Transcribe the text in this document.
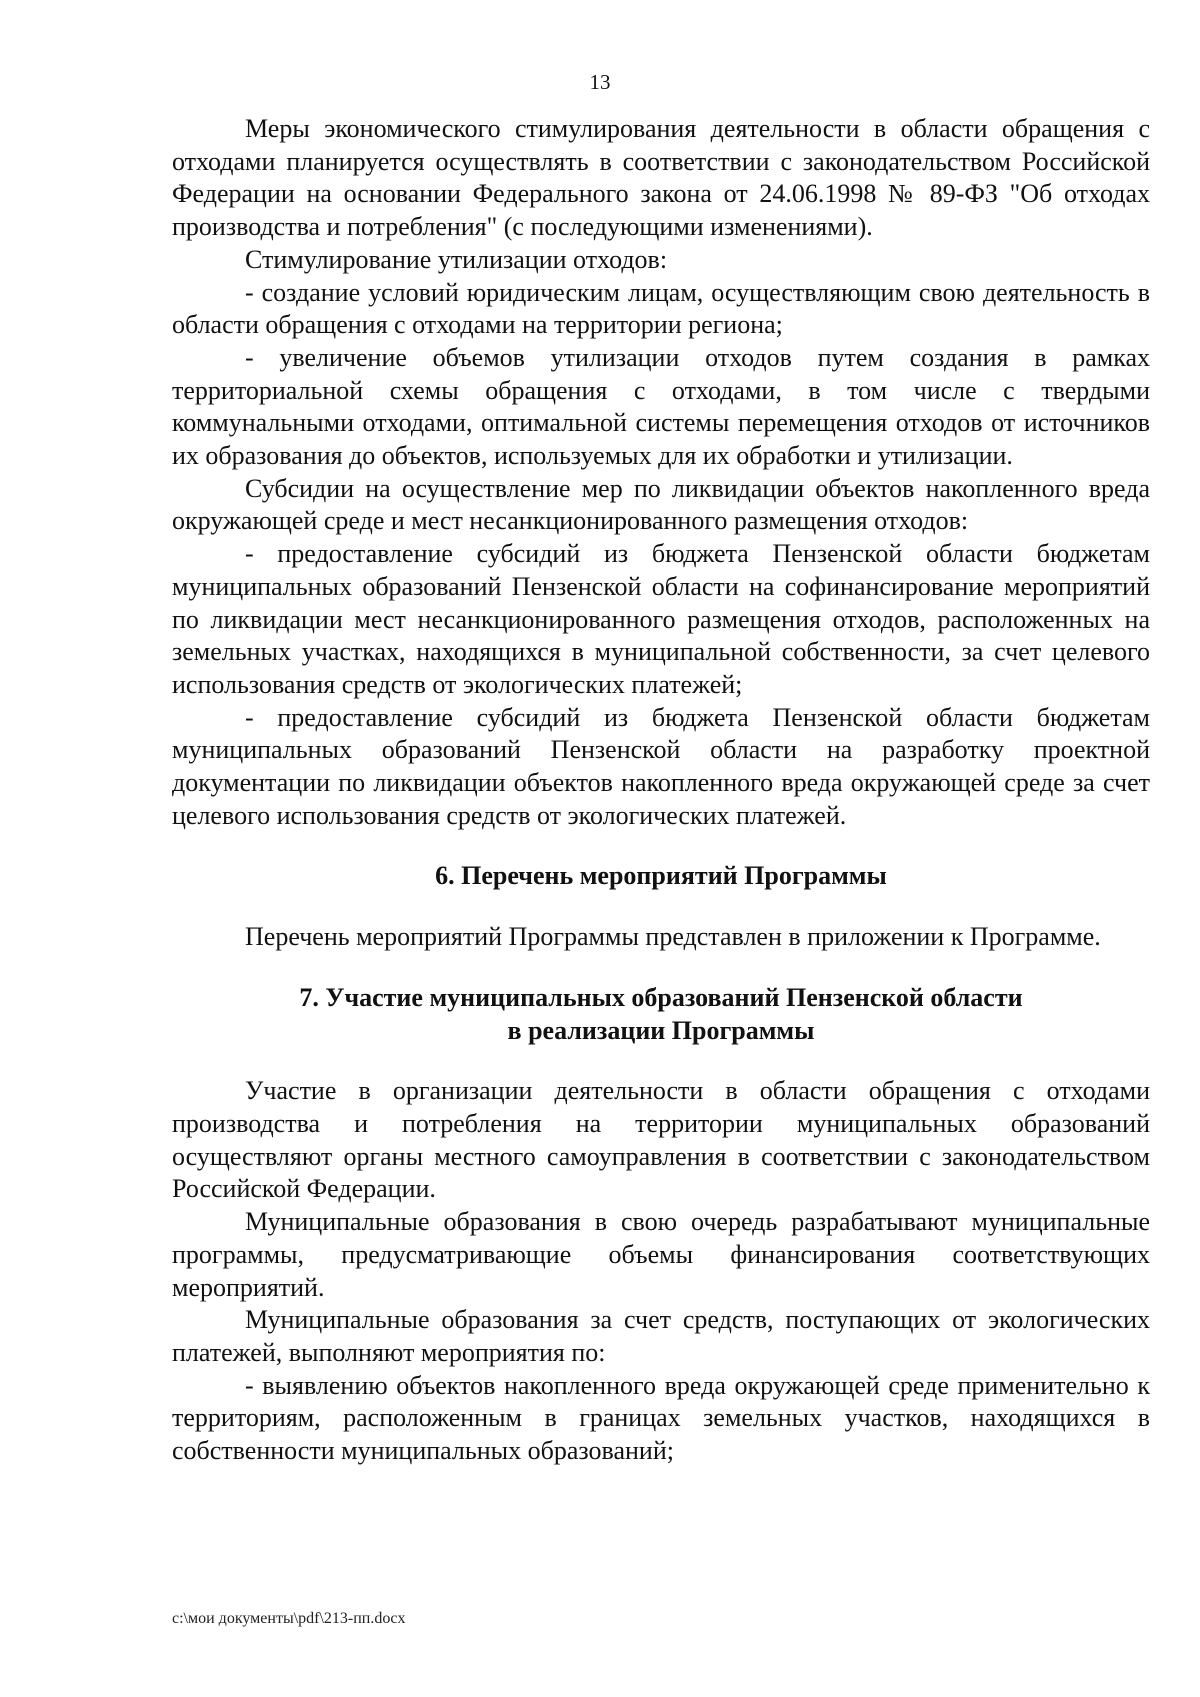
13

Меры экономического стимулирования деятельности в области обращения с отходами планируется осуществлять в соответствии с законодательством Российской Федерации на основании Федерального закона от 24.06.1998 № 89-ФЗ "Об отходах производства и потребления" (с последующими изменениями).

Стимулирование утилизации отходов:

- создание условий юридическим лицам, осуществляющим свою деятельность в области обращения с отходами на территории региона;

- увеличение объемов утилизации отходов путем создания в рамках территориальной схемы обращения с отходами, в том числе с твердыми коммунальными отходами, оптимальной системы перемещения отходов от источников их образования до объектов, используемых для их обработки и утилизации.

Субсидии на осуществление мер по ликвидации объектов накопленного вреда окружающей среде и мест несанкционированного размещения отходов:

- предоставление субсидий из бюджета Пензенской области бюджетам муниципальных образований Пензенской области на софинансирование мероприятий по ликвидации мест несанкционированного размещения отходов, расположенных на земельных участках, находящихся в муниципальной собственности, за счет целевого использования средств от экологических платежей;

- предоставление субсидий из бюджета Пензенской области бюджетам муниципальных образований Пензенской области на разработку проектной документации по ликвидации объектов накопленного вреда окружающей среде за счет целевого использования средств от экологических платежей.

6. Перечень мероприятий Программы

Перечень мероприятий Программы представлен в приложении к Программе.

7. Участие муниципальных образований Пензенской области
в реализации Программы

Участие в организации деятельности в области обращения с отходами производства и потребления на территории муниципальных образований осуществляют органы местного самоуправления в соответствии с законодательством Российской Федерации.

Муниципальные образования в свою очередь разрабатывают муниципальные программы, предусматривающие объемы финансирования соответствующих мероприятий.

Муниципальные образования за счет средств, поступающих от экологических платежей, выполняют мероприятия по:

- выявлению объектов накопленного вреда окружающей среде применительно к территориям, расположенным в границах земельных участков, находящихся в собственности муниципальных образований;

c:\мои документы\pdf\213-пп.docx
